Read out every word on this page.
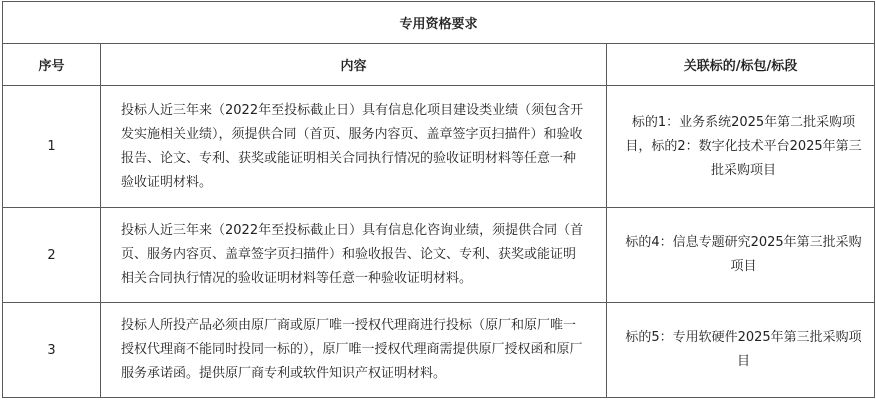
专用资格要求		
序号	内容	关联标的/标包/标段
1	投标人近三年来（2022年至投标截止日）具有信息化项目建设类业绩（须包含开发实施相关业绩），须提供合同（首页、服务内容页、盖章签字页扫描件）和验收报告、论文、专利、获奖或能证明相关合同执行情况的验收证明材料等任意一种验收证明材料。	标的1：业务系统2025年第二批采购项目，标的2：数字化技术平台2025年第三批采购项目
2	投标人近三年来（2022年至投标截止日）具有信息化咨询业绩，须提供合同（首页、服务内容页、盖章签字页扫描件）和验收报告、论文、专利、获奖或能证明相关合同执行情况的验收证明材料等任意一种验收证明材料。	标的4：信息专题研究2025年第三批采购项目
3	投标人所投产品必须由原厂商或原厂唯一授权代理商进行投标（原厂和原厂唯一授权代理商不能同时投同一标的），原厂唯一授权代理商需提供原厂授权函和原厂服务承诺函。提供原厂商专利或软件知识产权证明材料。	标的5：专用软硬件2025年第三批采购项目
